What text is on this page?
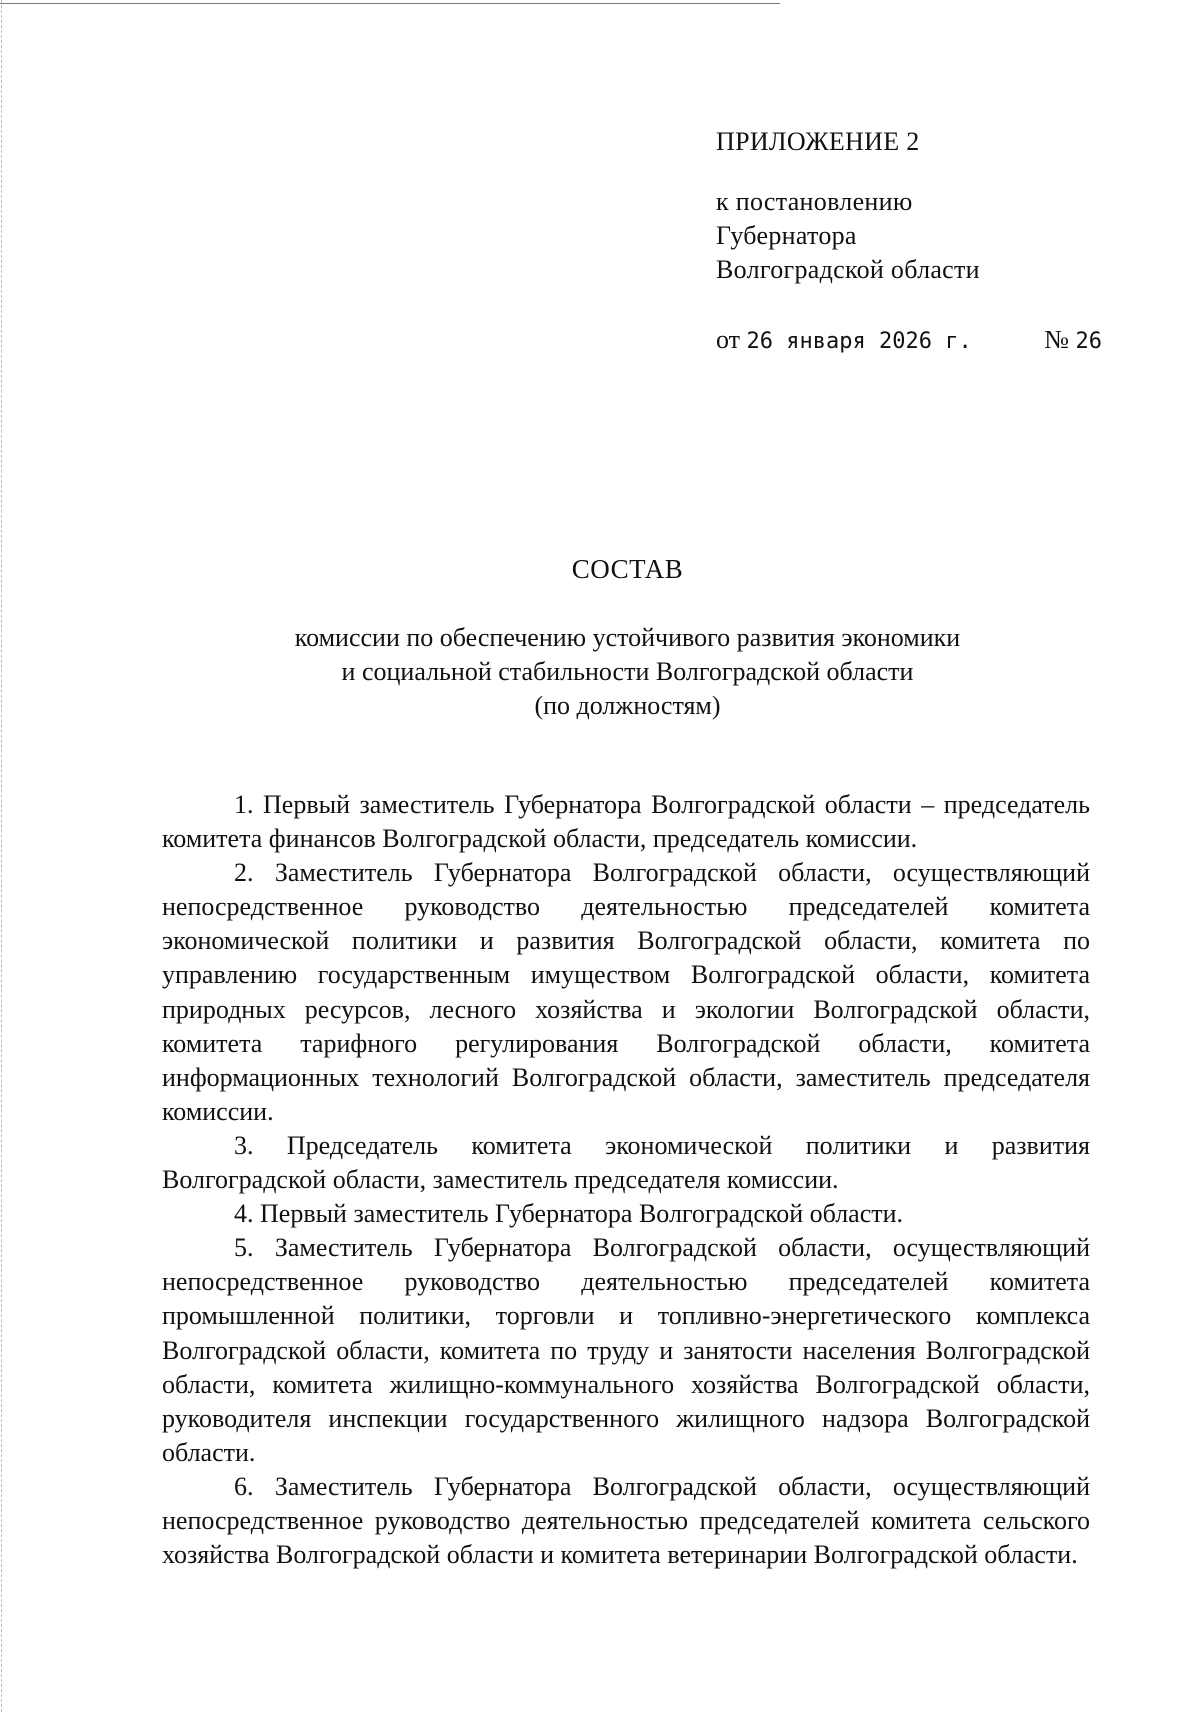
ПРИЛОЖЕНИЕ 2
к постановлению
Губернатора
Волгоградской области
от 26 января 2026 г.	№ 26
СОСТАВ
комиссии по обеспечению устойчивого развития экономики
и социальной стабильности Волгоградской области
(по должностям)

1. Первый заместитель Губернатора Волгоградской области – председатель комитета финансов Волгоградской области, председатель комиссии.

2. Заместитель Губернатора Волгоградской области, осуществляющий непосредственное руководство деятельностью председателей комитета экономической политики и развития Волгоградской области, комитета по управлению государственным имуществом Волгоградской области, комитета природных ресурсов, лесного хозяйства и экологии Волгоградской области, комитета тарифного регулирования Волгоградской области, комитета информационных технологий Волгоградской области, заместитель председателя комиссии.

3. Председатель комитета экономической политики и развития Волгоградской области, заместитель председателя комиссии.

4. Первый заместитель Губернатора Волгоградской области.

5. Заместитель Губернатора Волгоградской области, осуществляющий непосредственное руководство деятельностью председателей комитета промышленной политики, торговли и топливно-энергетического комплекса Волгоградской области, комитета по труду и занятости населения Волгоградской области, комитета жилищно-коммунального хозяйства Волгоградской области, руководителя инспекции государственного жилищного надзора Волгоградской области.

6. Заместитель Губернатора Волгоградской области, осуществляющий непосредственное руководство деятельностью председателей комитета сельского хозяйства Волгоградской области и комитета ветеринарии Волгоградской области.
